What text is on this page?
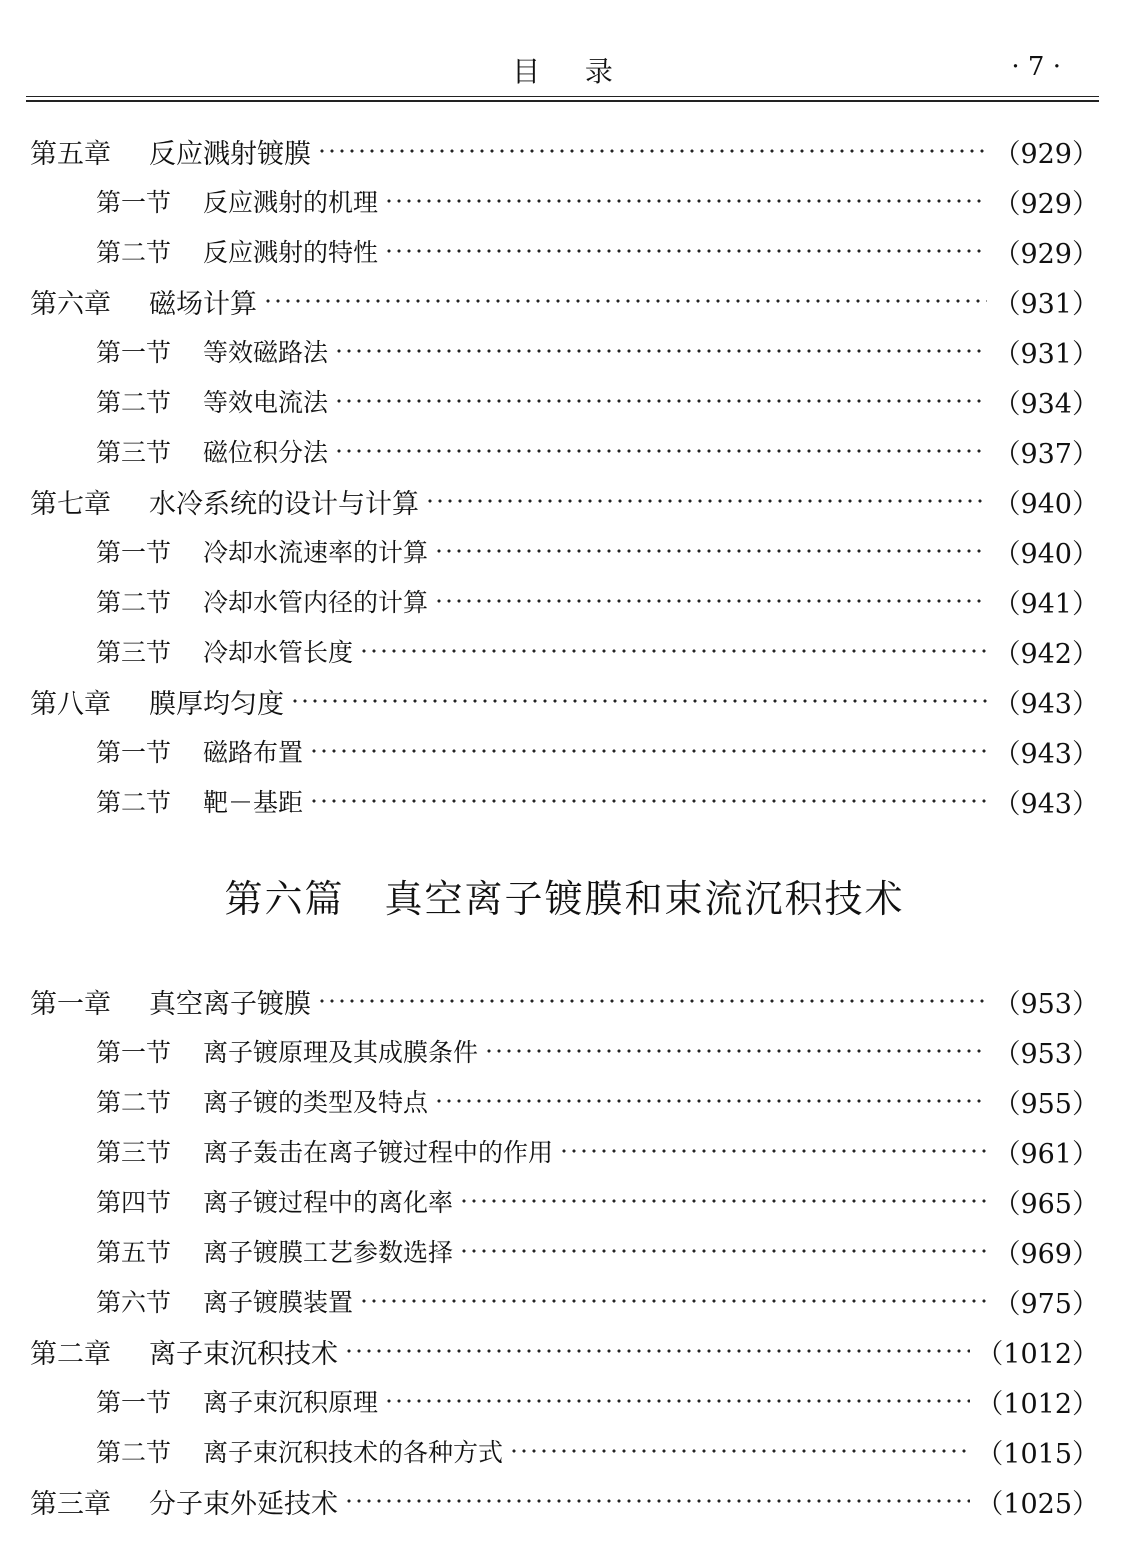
目录	· 7 ·
第五章 反应溅射镀膜	（929）
第一节 反应溅射的机理	（929）
第二节 反应溅射的特性	（929）
第六章 磁场计算	（931）
第一节 等效磁路法	（931）
第二节 等效电流法	（934）
第三节 磁位积分法	（937）
第七章 水冷系统的设计与计算	（940）
第一节 冷却水流速率的计算	（940）
第二节 冷却水管内径的计算	（941）
第三节 冷却水管长度	（942）
第八章 膜厚均匀度	（943）
第一节 磁路布置	（943）
第二节 靶－基距	（943）
第六篇　真空离子镀膜和束流沉积技术
第一章 真空离子镀膜	（953）
第一节 离子镀原理及其成膜条件	（953）
第二节 离子镀的类型及特点	（955）
第三节 离子轰击在离子镀过程中的作用	（961）
第四节 离子镀过程中的离化率	（965）
第五节 离子镀膜工艺参数选择	（969）
第六节 离子镀膜装置	（975）
第二章 离子束沉积技术	（1012）
第一节 离子束沉积原理	（1012）
第二节 离子束沉积技术的各种方式	（1015）
第三章 分子束外延技术	（1025）
